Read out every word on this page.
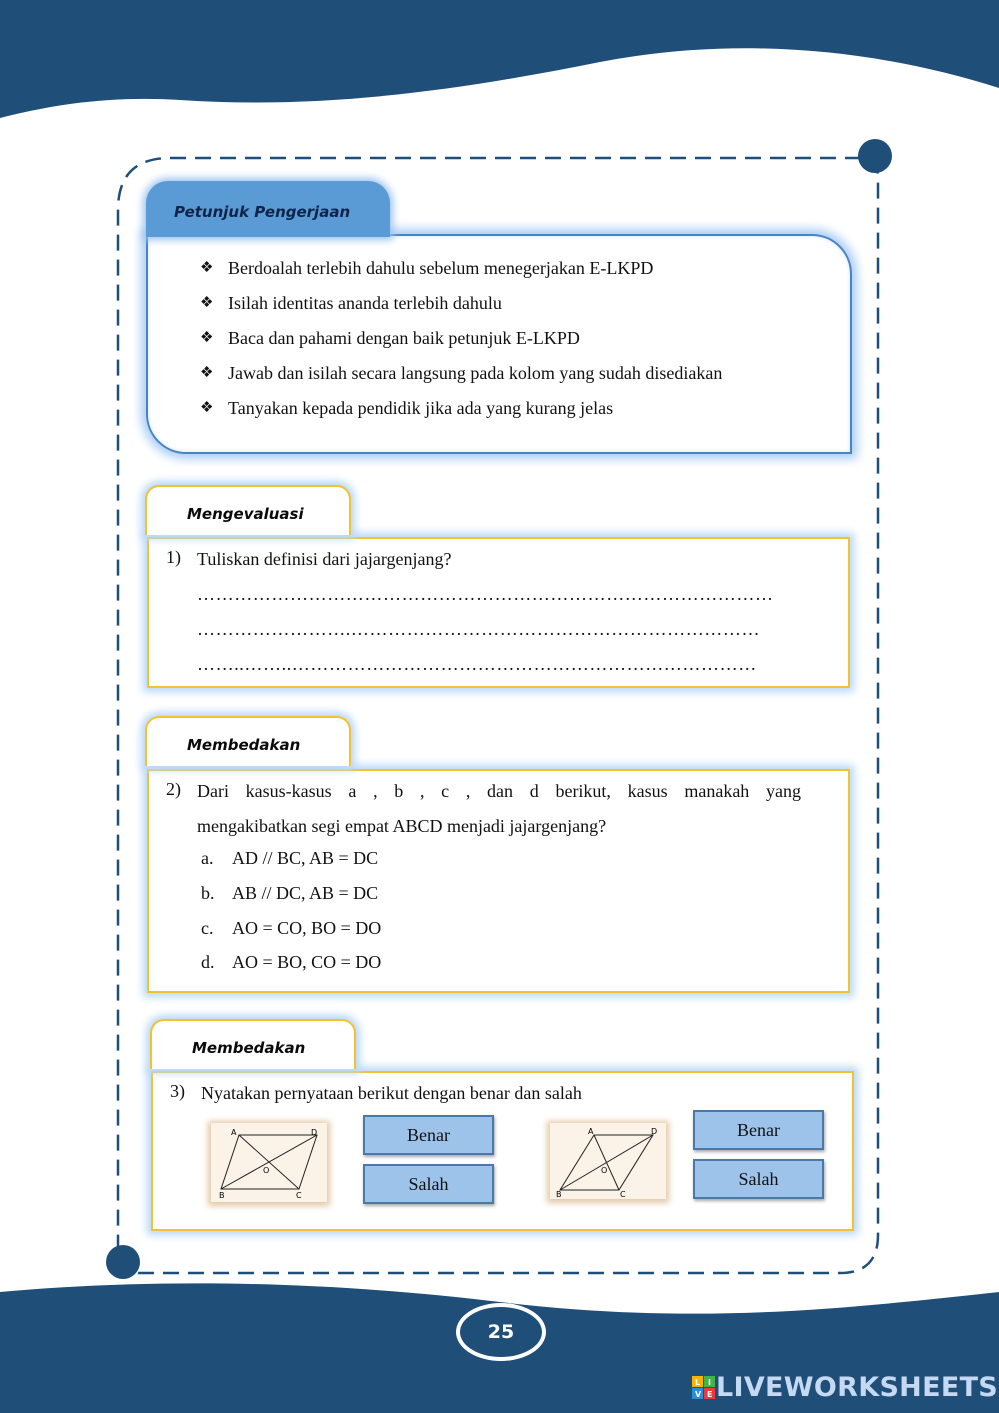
Petunjuk Pengerjaan
❖ Berdoalah terlebih dahulu sebelum menegerjakan E-LKPD
❖ Isilah identitas ananda terlebih dahulu
❖ Baca dan pahami dengan baik petunjuk E-LKPD
❖ Jawab dan isilah secara langsung pada kolom yang sudah disediakan
❖ Tanyakan kepada pendidik jika ada yang kurang jelas
Mengevaluasi
1) Tuliskan definisi dari jajargenjang?
…………………………………………………………………………………
…………………….…………………………………………………………
……..……..…………………………………………………………………
Membedakan
2) Dari kasus-kasus a , b , c , dan d berikut, kasus manakah yang
mengakibatkan segi empat ABCD menjadi jajargenjang?
a.	AD // BC, AB = DC
b. AB // DC, AB = DC
c.	AO = CO, BO = DO
d. AO = BO, CO = DO
Membedakan
3) Nyatakan pernyataan berikut dengan benar dan salah
A	D
B	C
O
A	D
B	C
O
Benar
Salah
Benar
Salah
25
L I
V E LIVEWORKSHEETS
